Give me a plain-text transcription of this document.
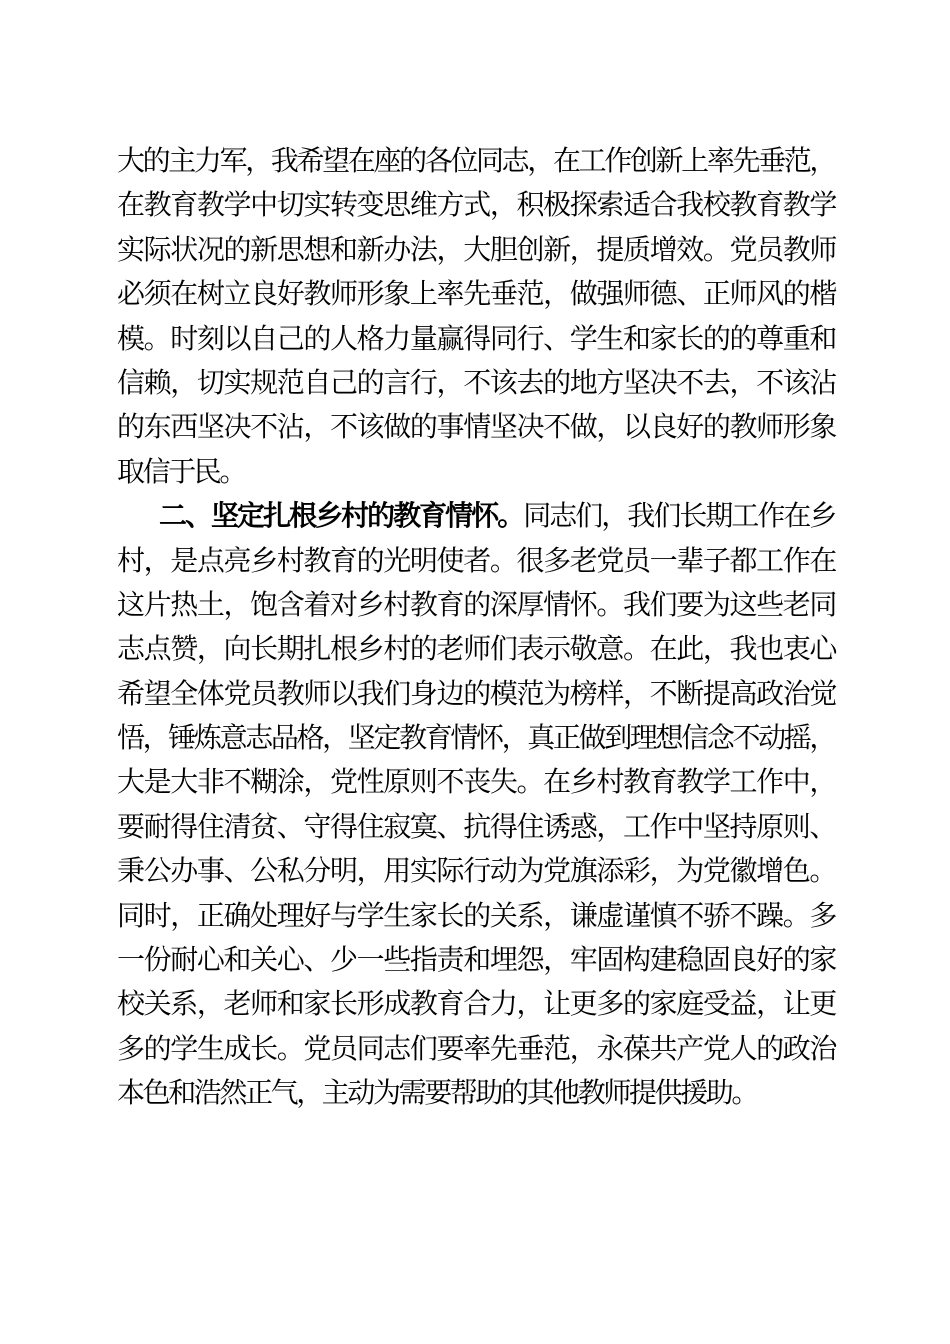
大的主力军，我希望在座的各位同志，在工作创新上率先垂范，
在教育教学中切实转变思维方式，积极探索适合我校教育教学
实际状况的新思想和新办法，大胆创新，提质增效。党员教师
必须在树立良好教师形象上率先垂范，做强师德、正师风的楷
模。时刻以自己的人格力量赢得同行、学生和家长的的尊重和
信赖，切实规范自己的言行，不该去的地方坚决不去，不该沾
的东西坚决不沾，不该做的事情坚决不做，以良好的教师形象
取信于民。
二、坚定扎根乡村的教育情怀。同志们，我们长期工作在乡
村，是点亮乡村教育的光明使者。很多老党员一辈子都工作在
这片热土，饱含着对乡村教育的深厚情怀。我们要为这些老同
志点赞，向长期扎根乡村的老师们表示敬意。在此，我也衷心
希望全体党员教师以我们身边的模范为榜样，不断提高政治觉
悟，锤炼意志品格，坚定教育情怀，真正做到理想信念不动摇，
大是大非不糊涂，党性原则不丧失。在乡村教育教学工作中，
要耐得住清贫、守得住寂寞、抗得住诱惑，工作中坚持原则、
秉公办事、公私分明，用实际行动为党旗添彩，为党徽增色。
同时，正确处理好与学生家长的关系，谦虚谨慎不骄不躁。多
一份耐心和关心、少一些指责和埋怨，牢固构建稳固良好的家
校关系，老师和家长形成教育合力，让更多的家庭受益，让更
多的学生成长。党员同志们要率先垂范，永葆共产党人的政治
本色和浩然正气，主动为需要帮助的其他教师提供援助。
